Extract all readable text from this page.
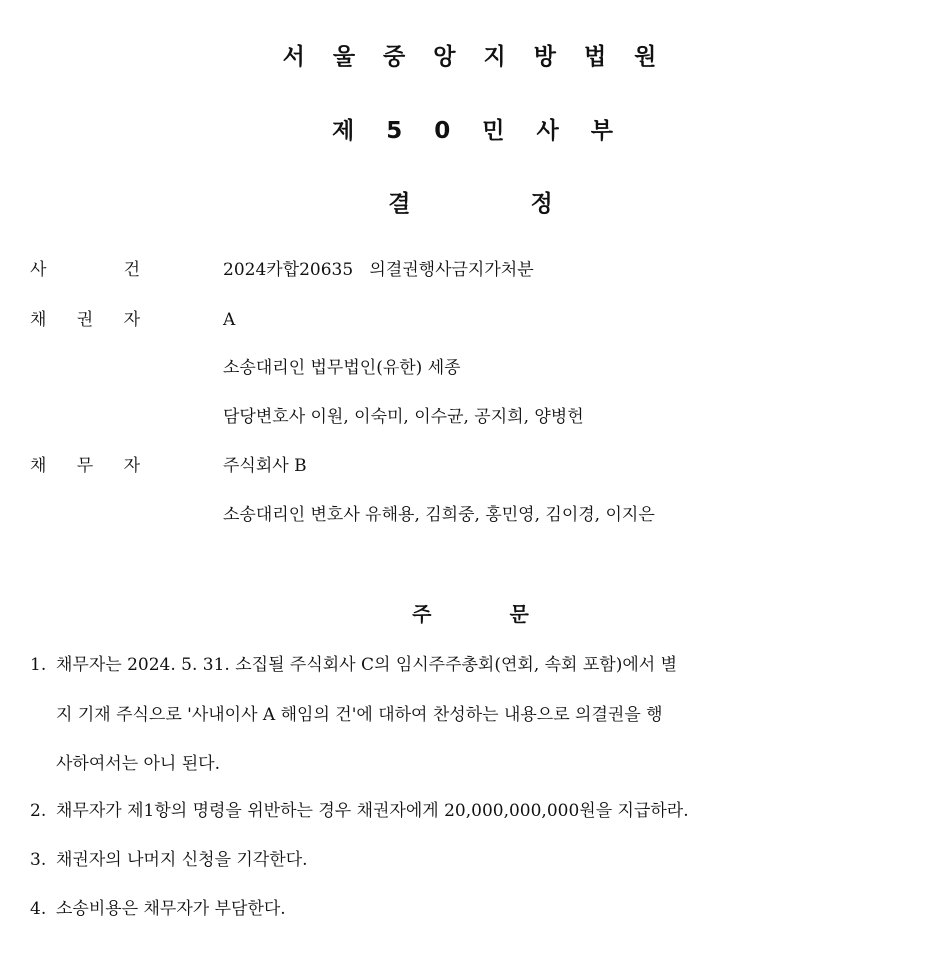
서 울 중 앙 지 방 법 원
제 5 0 민 사 부
결	정
사	건	2024카합20635   의결권행사금지가처분
채 권 자	A
소송대리인 법무법인(유한) 세종
담당변호사 이원, 이숙미, 이수균, 공지희, 양병헌
채 무 자	주식회사 B
소송대리인 변호사 유해용, 김희중, 홍민영, 김이경, 이지은
주	문
1. 채무자는 2024. 5. 31. 소집될 주식회사 C의 임시주주총회(연회, 속회 포함)에서 별
지 기재 주식으로 '사내이사 A 해임의 건'에 대하여 찬성하는 내용으로 의결권을 행
사하여서는 아니 된다.
2. 채무자가 제1항의 명령을 위반하는 경우 채권자에게 20,000,000,000원을 지급하라.
3. 채권자의 나머지 신청을 기각한다.
4. 소송비용은 채무자가 부담한다.
